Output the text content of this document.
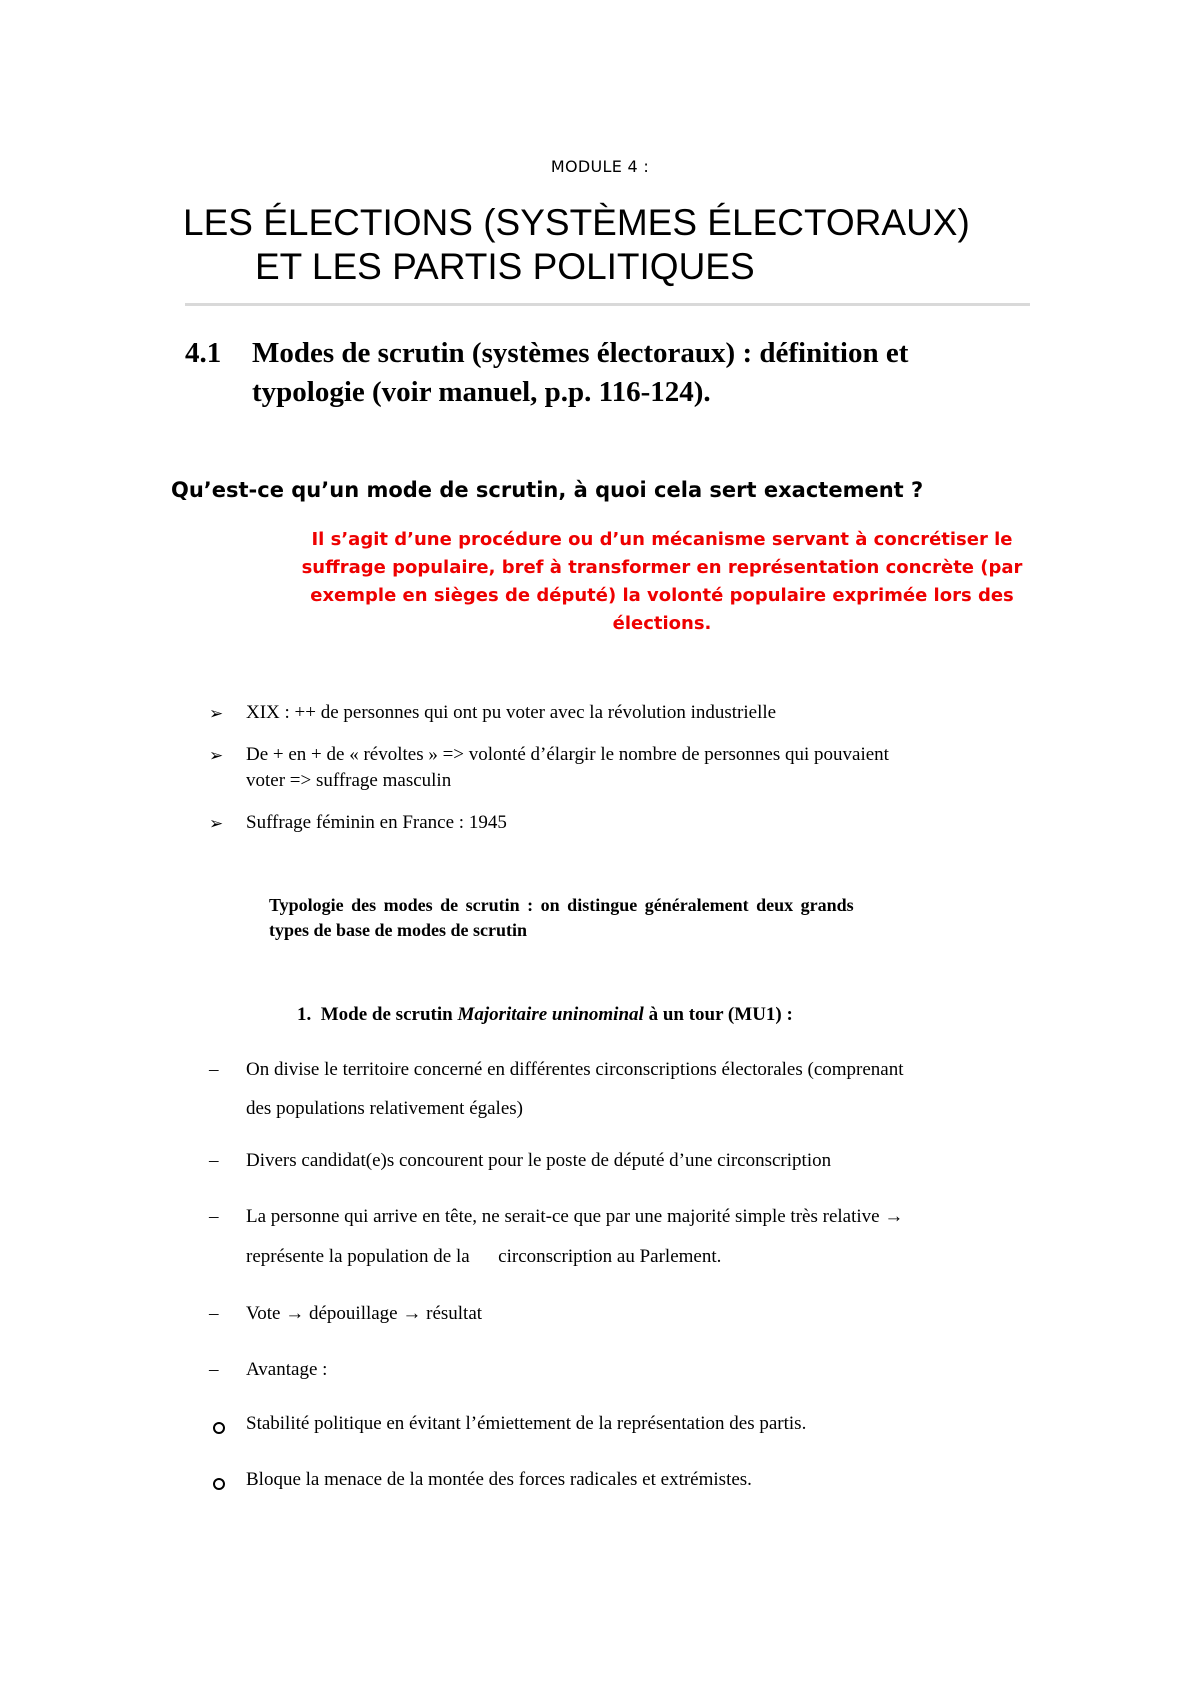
MODULE 4 :
LES ÉLECTIONS (SYSTÈMES ÉLECTORAUX)
ET LES PARTIS POLITIQUES
4.1 Modes de scrutin (systèmes électoraux) : définition et
typologie (voir manuel, p.p. 116-124).
Qu’est-ce qu’un mode de scrutin, à quoi cela sert exactement ?
Il s’agit d’une procédure ou d’un mécanisme servant à concrétiser le
suffrage populaire, bref à transformer en représentation concrète (par
exemple en sièges de député) la volonté populaire exprimée lors des
élections.
➢ XIX : ++ de personnes qui ont pu voter avec la révolution industrielle
➢ De + en + de « révoltes » => volonté d’élargir le nombre de personnes qui pouvaient
voter => suffrage masculin
➢ Suffrage féminin en France : 1945
Typologie des modes de scrutin : on distingue généralement deux grands
types de base de modes de scrutin
1. Mode de scrutin Majoritaire uninominal à un tour (MU1) :
– On divise le territoire concerné en différentes circonscriptions électorales (comprenant
des populations relativement égales)
– Divers candidat(e)s concourent pour le poste de député d’une circonscription
– La personne qui arrive en tête, ne serait-ce que par une majorité simple très relative →
représente la population de la      circonscription au Parlement.
– Vote → dépouillage → résultat
– Avantage :
Stabilité politique en évitant l’émiettement de la représentation des partis.
Bloque la menace de la montée des forces radicales et extrémistes.
